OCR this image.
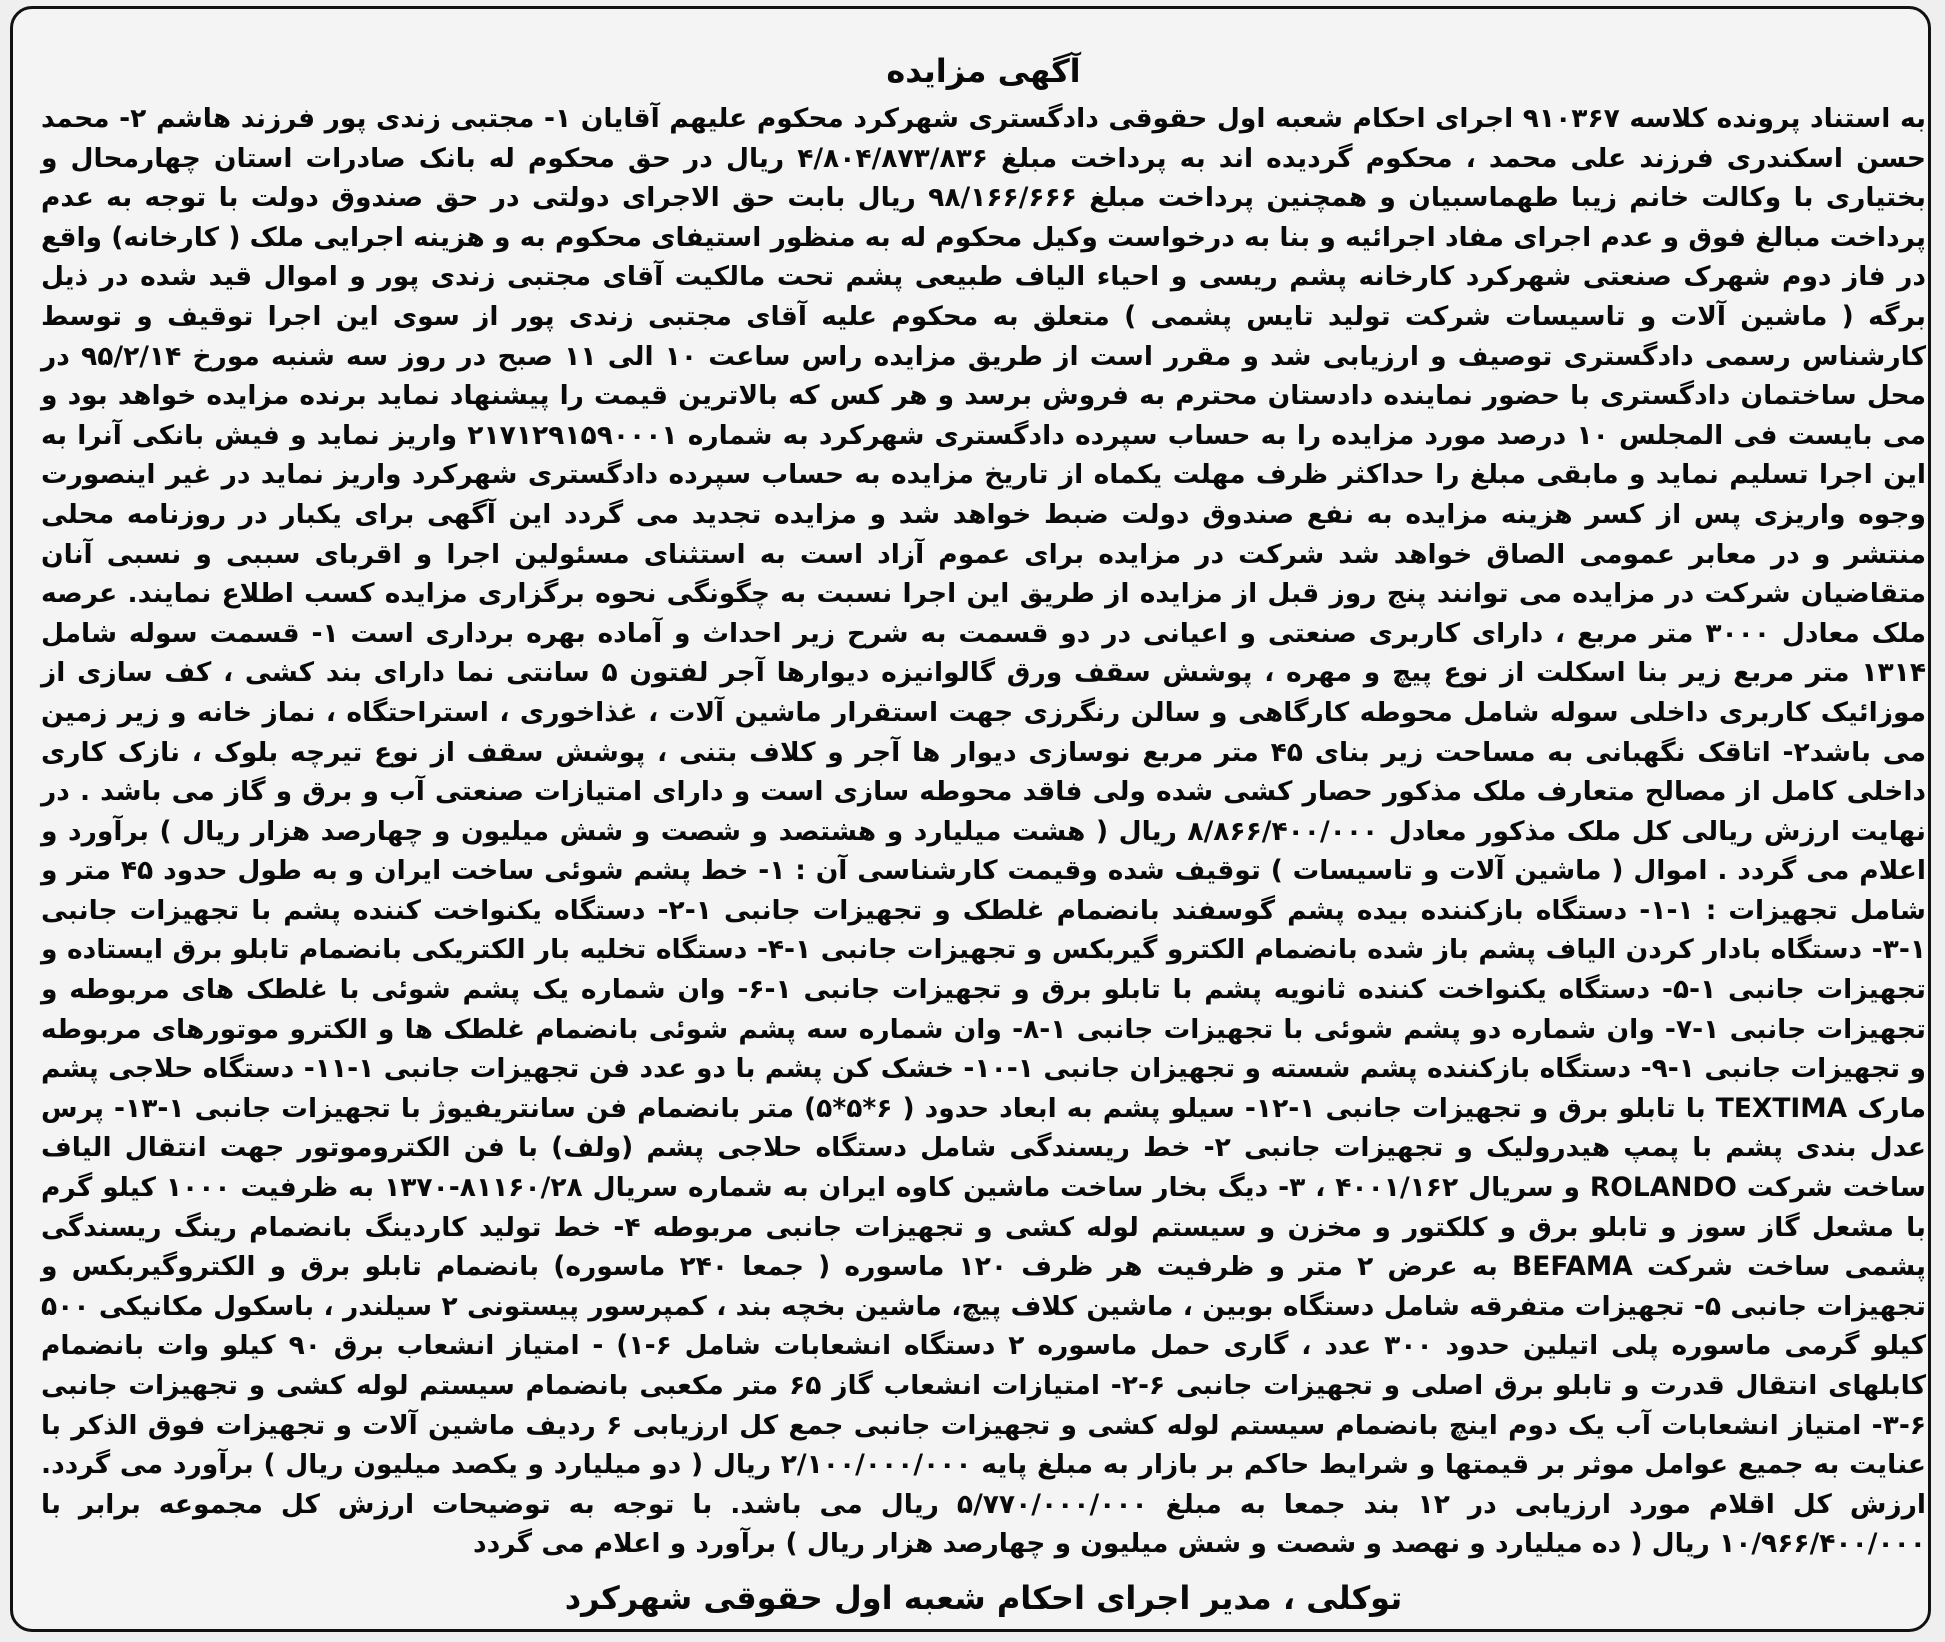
آگهی مزایده

به استناد پرونده کلاسه ۹۱۰۳۶۷ اجرای احکام شعبه اول حقوقی دادگستری شهرکرد محکوم علیهم آقایان ۱- مجتبی زندی پور فرزند هاشم ۲- محمد حسن اسکندری فرزند علی محمد ، محکوم گردیده اند به پرداخت مبلغ ۴/۸۰۴/۸۷۳/۸۳۶ ریال در حق محکوم له بانک صادرات استان چهارمحال و بختیاری با وکالت خانم زیبا طهماسبیان و همچنین پرداخت مبلغ ۹۸/۱۶۶/۶۶۶ ریال بابت حق الاجرای دولتی در حق صندوق دولت با توجه به عدم پرداخت مبالغ فوق و عدم اجرای مفاد اجرائیه و بنا به درخواست وکیل محکوم له به منظور استیفای محکوم به و هزینه اجرایی ملک ( کارخانه) واقع در فاز دوم شهرک صنعتی شهرکرد کارخانه پشم ریسی و احیاء الیاف طبیعی پشم تحت مالکیت آقای مجتبی زندی پور و اموال قید شده در ذیل برگه ( ماشین آلات و تاسیسات شرکت تولید تایس پشمی ) متعلق به محکوم علیه آقای مجتبی زندی پور از سوی این اجرا توقیف و توسط کارشناس رسمی دادگستری توصیف و ارزیابی شد و مقرر است از طریق مزایده راس ساعت ۱۰ الی ۱۱ صبح در روز سه شنبه مورخ ۹۵/۲/۱۴ در محل ساختمان دادگستری با حضور نماینده دادستان محترم به فروش برسد و هر کس که بالاترین قیمت را پیشنهاد نماید برنده مزایده خواهد بود و می بایست فی المجلس ۱۰ درصد مورد مزایده را به حساب سپرده دادگستری شهرکرد به شماره ۲۱۷۱۲۹۱۵۹۰۰۰۱ واریز نماید و فیش بانکی آنرا به این اجرا تسلیم نماید و مابقی مبلغ را حداکثر ظرف مهلت یکماه از تاریخ مزایده به حساب سپرده دادگستری شهرکرد واریز نماید در غیر اینصورت وجوه واریزی پس از کسر هزینه مزایده به نفع صندوق دولت ضبط خواهد شد و مزایده تجدید می گردد این آگهی برای یکبار در روزنامه محلی منتشر و در معابر عمومی الصاق خواهد شد شرکت در مزایده برای عموم آزاد است به استثنای مسئولین اجرا و اقربای سببی و نسبی آنان متقاضیان شرکت در مزایده می توانند پنج روز قبل از مزایده از طریق این اجرا نسبت به چگونگی نحوه برگزاری مزایده کسب اطلاع نمایند. عرصه ملک معادل ۳۰۰۰ متر مربع ، دارای کاربری صنعتی و اعیانی در دو قسمت به شرح زیر احداث و آماده بهره برداری است ۱- قسمت سوله شامل ۱۳۱۴ متر مربع زیر بنا اسکلت از نوع پیچ و مهره ، پوشش سقف ورق گالوانیزه دیوارها آجر لفتون ۵ سانتی نما دارای بند کشی ، کف سازی از موزائیک کاربری داخلی سوله شامل محوطه کارگاهی و سالن رنگرزی جهت استقرار ماشین آلات ، غذاخوری ، استراحتگاه ، نماز خانه و زیر زمین می باشد۲- اتاقک نگهبانی به مساحت زیر بنای ۴۵ متر مربع نوسازی دیوار ها آجر و کلاف بتنی ، پوشش سقف از نوع تیرچه بلوک ، نازک کاری داخلی کامل از مصالح متعارف ملک مذکور حصار کشی شده ولی فاقد محوطه سازی است و دارای امتیازات صنعتی آب و برق و گاز می باشد . در نهایت ارزش ریالی کل ملک مذکور معادل ۸/۸۶۶/۴۰۰/۰۰۰ ریال ( هشت میلیارد و هشتصد و شصت و شش میلیون و چهارصد هزار ریال ) برآورد و اعلام می گردد . اموال ( ماشین آلات و تاسیسات ) توقیف شده وقیمت کارشناسی آن : ۱- خط پشم شوئی ساخت ایران و به طول حدود ۴۵ متر و شامل تجهیزات : ۱-۱- دستگاه بازکننده بیده پشم گوسفند بانضمام غلطک و تجهیزات جانبی ۱-۲- دستگاه یکنواخت کننده پشم با تجهیزات جانبی ۱-۳- دستگاه بادار کردن الیاف پشم باز شده بانضمام الکترو گیربکس و تجهیزات جانبی ۱-۴- دستگاه تخلیه بار الکتریکی بانضمام تابلو برق ایستاده و تجهیزات جانبی ۱-۵- دستگاه یکنواخت کننده ثانویه پشم با تابلو برق و تجهیزات جانبی ۱-۶- وان شماره یک پشم شوئی با غلطک های مربوطه و تجهیزات جانبی ۱-۷- وان شماره دو پشم شوئی با تجهیزات جانبی ۱-۸- وان شماره سه پشم شوئی بانضمام غلطک ها و الکترو موتورهای مربوطه و تجهیزات جانبی ۱-۹- دستگاه بازکننده پشم شسته و تجهیزان جانبی ۱-۱۰- خشک کن پشم با دو عدد فن تجهیزات جانبی ۱-۱۱- دستگاه حلاجی پشم مارک TEXTIMA با تابلو برق و تجهیزات جانبی ۱-۱۲- سیلو پشم به ابعاد حدود ( ۶*۵*۵) متر بانضمام فن سانتریفیوژ با تجهیزات جانبی ۱-۱۳- پرس عدل بندی پشم با پمپ هیدرولیک و تجهیزات جانبی ۲- خط ریسندگی شامل دستگاه حلاجی پشم (ولف) با فن الکتروموتور جهت انتقال الیاف ساخت شرکت ROLANDO و سریال ۴۰۰۱/۱۶۲ ، ۳- دیگ بخار ساخت ماشین کاوه ایران به شماره سریال ۸۱۱۶۰/۲۸-۱۳۷۰ به ظرفیت ۱۰۰۰ کیلو گرم با مشعل گاز سوز و تابلو برق و کلکتور و مخزن و سیستم لوله کشی و تجهیزات جانبی مربوطه ۴- خط تولید کاردینگ بانضمام رینگ ریسندگی پشمی ساخت شرکت BEFAMA به عرض ۲ متر و ظرفیت هر ظرف ۱۲۰ ماسوره ( جمعا ۲۴۰ ماسوره) بانضمام تابلو برق و الکتروگیربکس و تجهیزات جانبی ۵- تجهیزات متفرقه شامل دستگاه بوبین ، ماشین کلاف پیچ، ماشین بخچه بند ، کمپرسور پیستونی ۲ سیلندر ، باسکول مکانیکی ۵۰۰ کیلو گرمی ماسوره پلی اتیلین حدود ۳۰۰ عدد ، گاری حمل ماسوره ۲ دستگاه انشعابات شامل ۶-۱) - امتیاز انشعاب برق ۹۰ کیلو وات بانضمام کابلهای انتقال قدرت و تابلو برق اصلی و تجهیزات جانبی ۶-۲- امتیازات انشعاب گاز ۶۵ متر مکعبی بانضمام سیستم لوله کشی و تجهیزات جانبی ۶-۳- امتیاز انشعابات آب یک دوم اینچ بانضمام سیستم لوله کشی و تجهیزات جانبی جمع کل ارزیابی ۶ ردیف ماشین آلات و تجهیزات فوق الذکر با عنایت به جمیع عوامل موثر بر قیمتها و شرایط حاکم بر بازار به مبلغ پایه ۲/۱۰۰/۰۰۰/۰۰۰ ریال ( دو میلیارد و یکصد میلیون ریال ) برآورد می گردد. ارزش کل اقلام مورد ارزیابی در ۱۲ بند جمعا به مبلغ ۵/۷۷۰/۰۰۰/۰۰۰ ریال می باشد. با توجه به توضیحات ارزش کل مجموعه برابر با ۱۰/۹۶۶/۴۰۰/۰۰۰ ریال ( ده میلیارد و نهصد و شصت و شش میلیون و چهارصد هزار ریال ) برآورد و اعلام می گردد

توکلی ، مدیر اجرای احکام شعبه اول حقوقی شهرکرد
